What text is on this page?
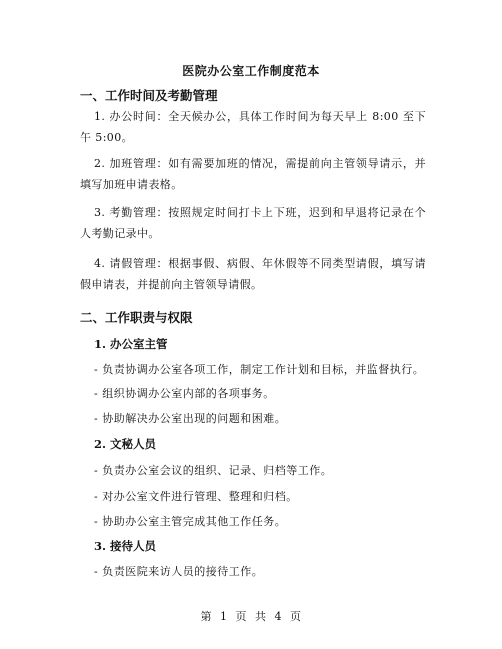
医院办公室工作制度范本
一、工作时间及考勤管理
1. 办公时间：全天候办公，具体工作时间为每天早上 8:00 至下午 5:00。
2. 加班管理：如有需要加班的情况，需提前向主管领导请示，并填写加班申请表格。
3. 考勤管理：按照规定时间打卡上下班，迟到和早退将记录在个人考勤记录中。
4. 请假管理：根据事假、病假、年休假等不同类型请假，填写请假申请表，并提前向主管领导请假。
二、工作职责与权限
1. 办公室主管
- 负责协调办公室各项工作，制定工作计划和目标，并监督执行。
- 组织协调办公室内部的各项事务。
- 协助解决办公室出现的问题和困难。
2. 文秘人员
- 负责办公室会议的组织、记录、归档等工作。
- 对办公室文件进行管理、整理和归档。
- 协助办公室主管完成其他工作任务。
3. 接待人员
- 负责医院来访人员的接待工作。
第 1 页 共 4 页
